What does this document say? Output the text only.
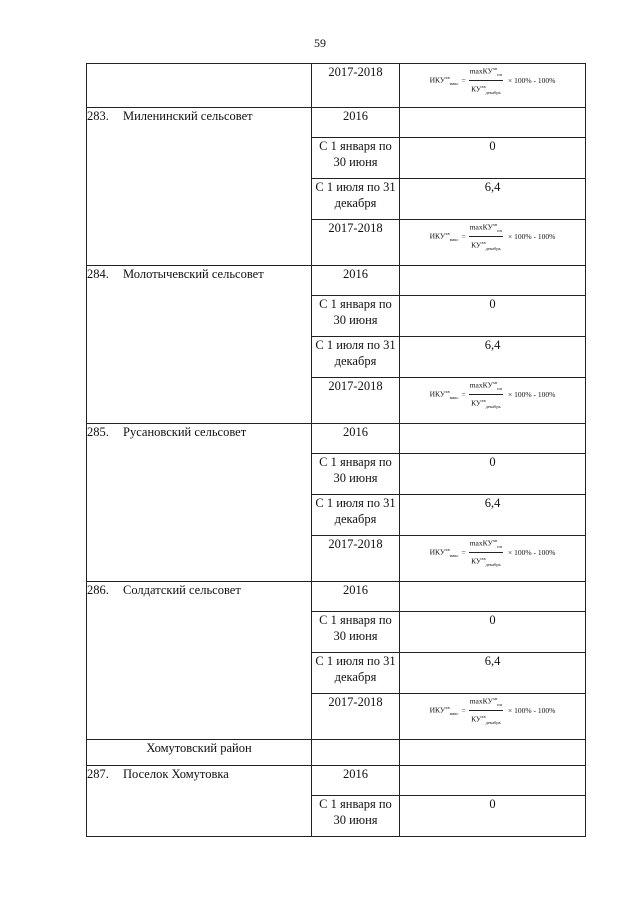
59
	2017-2018	$ИКУ^{хв}_{макс} = \frac{\max КУ^{хв}_{пп}}{КУ^{хв}_{декабрь}} \times 100\% - 100\%$

283. Миленинский сельсовет	2016	
	С 1 января по 30 июня	0
	С 1 июля по 31 декабря	6,4
	2017-2018	$ИКУ^{хв}_{макс} = \frac{\max КУ^{хв}_{пп}}{КУ^{хв}_{декабрь}} \times 100\% - 100\%$

284. Молотычевский сельсовет	2016	
	С 1 января по 30 июня	0
	С 1 июля по 31 декабря	6,4
	2017-2018	$ИКУ^{хв}_{макс} = \frac{\max КУ^{хв}_{пп}}{КУ^{хв}_{декабрь}} \times 100\% - 100\%$

285. Русановский сельсовет	2016	
	С 1 января по 30 июня	0
	С 1 июля по 31 декабря	6,4
	2017-2018	$ИКУ^{хв}_{макс} = \frac{\max КУ^{хв}_{пп}}{КУ^{хв}_{декабрь}} \times 100\% - 100\%$

286. Солдатский сельсовет	2016	
	С 1 января по 30 июня	0
	С 1 июля по 31 декабря	6,4
	2017-2018	$ИКУ^{хв}_{макс} = \frac{\max КУ^{хв}_{пп}}{КУ^{хв}_{декабрь}} \times 100\% - 100\%$

Хомутовский район		
287. Поселок Хомутовка	2016	
	С 1 января по 30 июня	0
